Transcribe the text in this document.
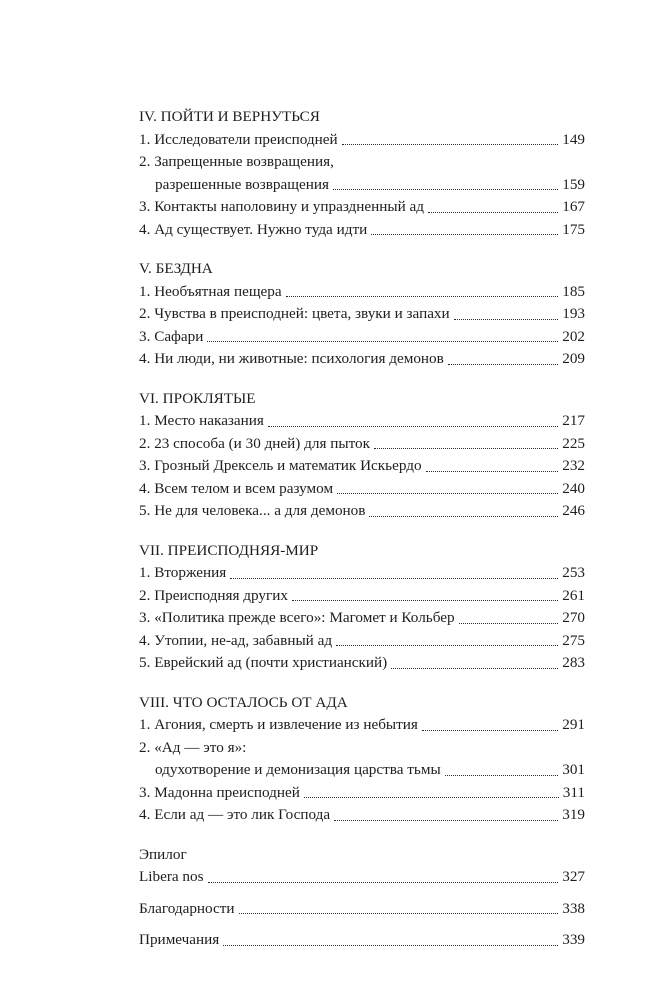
IV. ПОЙТИ И ВЕРНУТЬСЯ
1. Исследователи преисподней	149
2. Запрещенные возвращения,
разрешенные возвращения	159
3. Контакты наполовину и упраздненный ад	167
4. Ад существует. Нужно туда идти	175
V. БЕЗДНА
1. Необъятная пещера	185
2. Чувства в преисподней: цвета, звуки и запахи	193
3. Сафари	202
4. Ни люди, ни животные: психология демонов	209
VI. ПРОКЛЯТЫЕ
1. Место наказания	217
2. 23 способа (и 30 дней) для пыток	225
3. Грозный Дрексель и математик Искьердо	232
4. Всем телом и всем разумом	240
5. Не для человека... а для демонов	246
VII. ПРЕИСПОДНЯЯ-МИР
1. Вторжения	253
2. Преисподняя других	261
3. «Политика прежде всего»: Магомет и Кольбер	270
4. Утопии, не-ад, забавный ад	275
5. Еврейский ад (почти христианский)	283
VIII. ЧТО ОСТАЛОСЬ ОТ АДА
1. Агония, смерть и извлечение из небытия	291
2. «Ад — это я»:
одухотворение и демонизация царства тьмы	301
3. Мадонна преисподней	311
4. Если ад — это лик Господа	319
Эпилог
Libera nos	327
Благодарности	338
Примечания	339
